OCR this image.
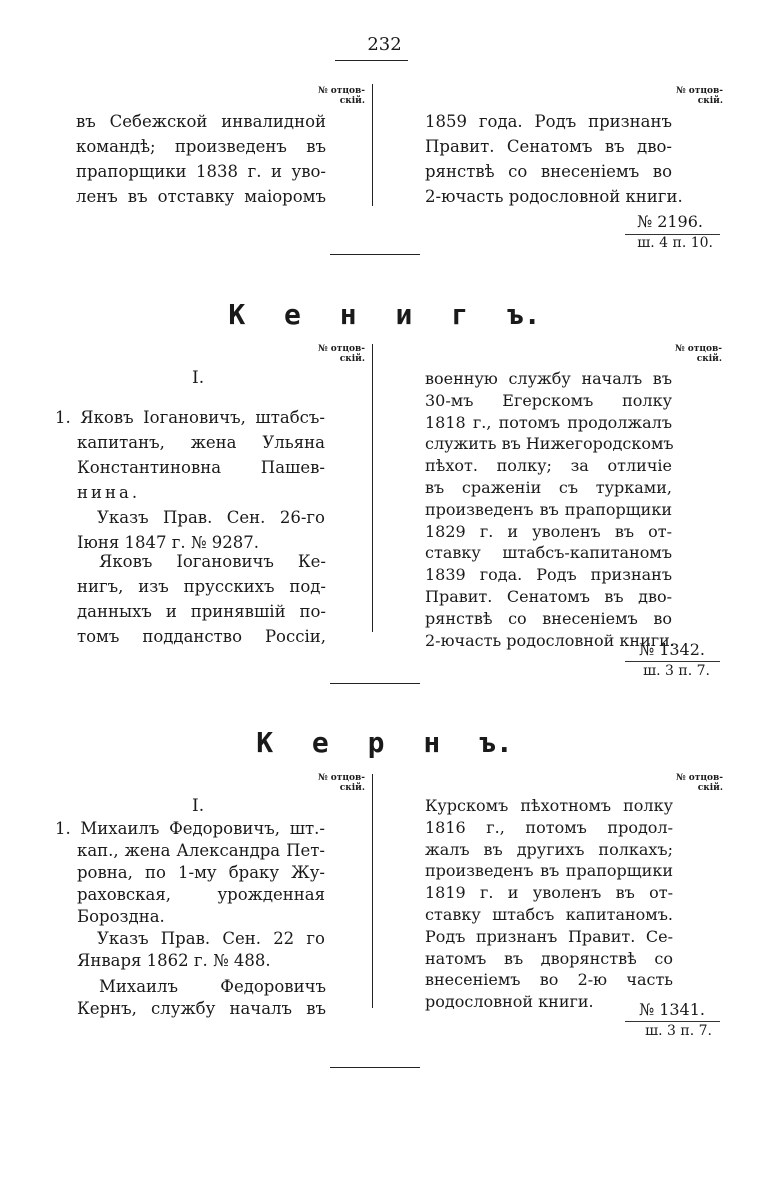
232
№ отцов-
скій.
№ отцов-
скій.
въ Себежской инвалидной
командѣ; произведенъ въ
прапорщики 1838 г. и уво-
ленъ въ отставку маіоромъ
1859 года. Родъ признанъ
Правит. Сенатомъ въ дво-
рянствѣ со внесеніемъ во
2-ючасть родословной книги.
№ 2196.
ш. 4 п. 10.
К е н и г ъ.
№ отцов-
скій.
№ отцов-
скій.
I.
1. Яковъ Іогановичъ, штабсъ-
капитанъ, жена Ульяна
Константиновна Пашев-
нина.
Указъ Прав. Сен. 26-го
Іюня 1847 г. № 9287.
Яковъ Іогановичъ Ке-
нигъ, изъ прусскихъ под-
данныхъ и принявшій по-
томъ подданство Россіи,
военную службу началъ въ
30-мъ Егерскомъ полку
1818 г., потомъ продолжалъ
служить въ Нижегородскомъ
пѣхот. полку; за отличіе
въ сраженіи съ турками,
произведенъ въ прапорщики
1829 г. и уволенъ въ от-
ставку штабсъ-капитаномъ
1839 года. Родъ признанъ
Правит. Сенатомъ въ дво-
рянствѣ со внесеніемъ во
2-ючасть родословной книги.
№ 1342.
ш. 3 п. 7.
К е р н ъ.
№ отцов-
скій.
№ отцов-
скій.
I.
1. Михаилъ Федоровичъ, шт.-
кап., жена Александра Пет-
ровна, по 1-му браку Жу-
раховская, урожденная
Бороздна.
Указъ Прав. Сен. 22 го
Января 1862 г. № 488.
Михаилъ Федоровичъ
Кернъ, службу началъ въ
Курскомъ пѣхотномъ полку
1816 г., потомъ продол-
жалъ въ другихъ полкахъ;
произведенъ въ прапорщики
1819 г. и уволенъ въ от-
ставку штабсъ капитаномъ.
Родъ признанъ Правит. Се-
натомъ въ дворянствѣ со
внесеніемъ во 2-ю часть
родословной книги.	№ 1341.
ш. 3 п. 7.
